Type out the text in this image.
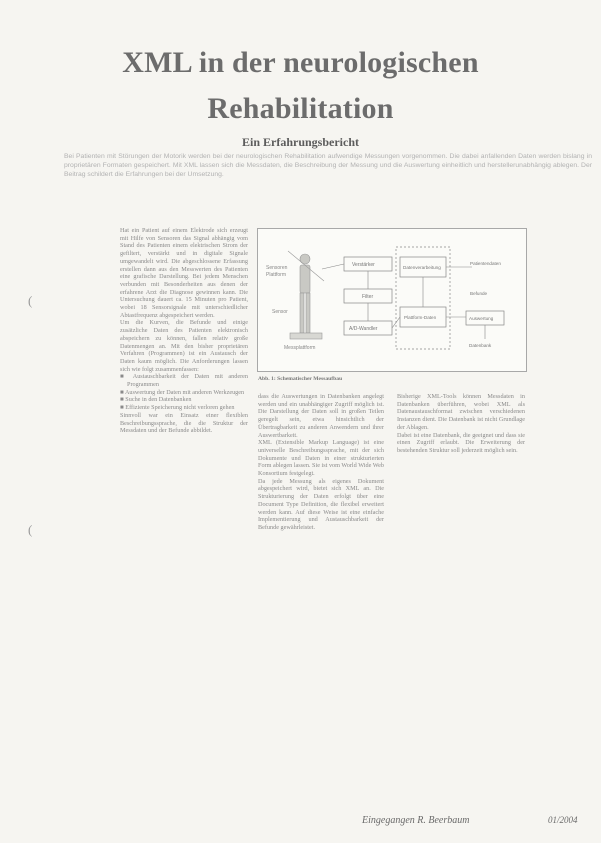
XML in der neurologischen
Rehabilitation
Ein Erfahrungsbericht
Bei Patienten mit Störungen der Motorik werden bei der neurologischen Rehabilitation aufwendige Messungen vorgenommen. Die dabei anfallenden Daten werden bislang in proprietären Formaten gespeichert. Mit XML lassen sich die Messdaten, die Beschreibung der Messung und die Auswertung einheitlich und herstellerunabhängig ablegen. Der Beitrag schildert die Erfahrungen bei der Umsetzung.
(
(

Hat ein Patient auf einem Elektrode sich erzeugt mit Hilfe von Sensoren das Signal abhängig vom Stand des Patienten einem elektrischen Strom der gefiltert, verstärkt und in digitale Signale umgewandelt wird. Die abgeschlossene Erfassung erstellen dann aus den Messwerten des Patienten eine grafische Darstellung. Bei jedem Menschen verbunden mit Besonderheiten aus denen der erfahrene Arzt die Diagnose gewinnen kann. Die Untersuchung dauert ca. 15 Minuten pro Patient, wobei 18 Sensorsignale mit unterschiedlicher Abtastfrequenz abgespeichert werden.

Um die Kurven, die Befunde und einige zusätzliche Daten des Patienten elektronisch abspeichern zu können, fallen relativ große Datenmengen an. Mit den bisher proprietären Verfahren (Programmen) ist ein Austausch der Daten kaum möglich. Die Anforderungen lassen sich wie folgt zusammenfassen:

■ Austauschbarkeit der Daten mit anderen Programmen
■ Auswertung der Daten mit anderen Werkzeugen
■ Suche in den Datenbanken
■ Effiziente Speicherung nicht verloren gehen

Sinnvoll war ein Einsatz einer flexiblen Beschreibungssprache, die die Struktur der Messdaten und der Befunde abbildet.

Sensoren
Plattform
Sensor
Messplattform
Verstärker
Filter
A/D-Wandler
Datenverarbeitung
Plattform-Daten
Patientendaten
Befunde
Auswertung
Datenbank
Abb. 1: Schematischer Messaufbau

dass die Auswertungen in Datenbanken angelegt werden und ein unabhängiger Zugriff möglich ist. Die Darstellung der Daten soll in großen Teilen geregelt sein, etwa hinsichtlich der Übertragbarkeit zu anderen Anwendern und ihrer Auswertbarkeit.

XML (Extensible Markup Language) ist eine universelle Beschreibungssprache, mit der sich Dokumente und Daten in einer strukturierten Form ablegen lassen. Sie ist vom World Wide Web Konsortium festgelegt.

Da jede Messung als eigenes Dokument abgespeichert wird, bietet sich XML an. Die Strukturierung der Daten erfolgt über eine Document Type Definition, die flexibel erweitert werden kann. Auf diese Weise ist eine einfache Implementierung und Austauschbarkeit der Befunde gewährleistet.

Bisherige XML-Tools können Messdaten in Datenbanken überführen, wobei XML als Datenaustauschformat zwischen verschiedenen Instanzen dient. Die Datenbank ist nicht Grundlage der Ablagen.

Dabei ist eine Datenbank, die geeignet und dass sie einen Zugriff erlaubt. Die Erweiterung der bestehenden Struktur soll jederzeit möglich sein.

Eingegangen R. Beerbaum	01/2004
